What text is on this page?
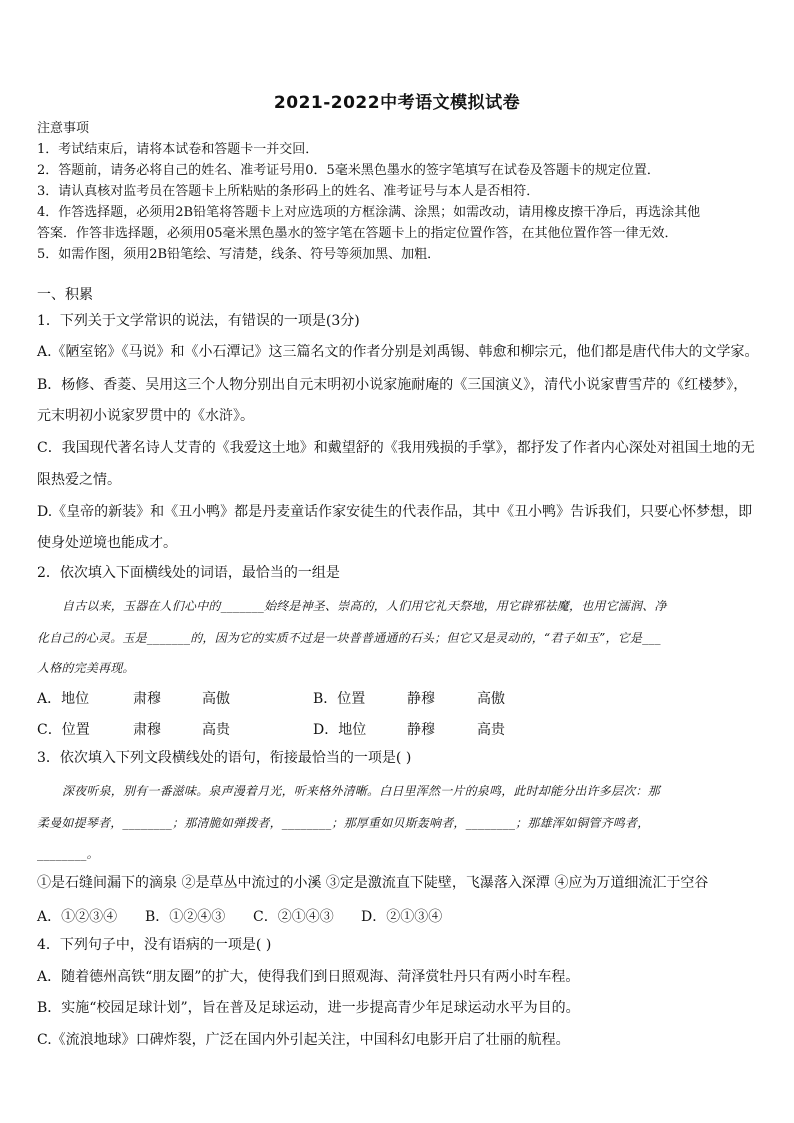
2021-2022中考语文模拟试卷
注意事项
1．考试结束后，请将本试卷和答题卡一并交回．
2．答题前，请务必将自己的姓名、准考证号用0．5毫米黑色墨水的签字笔填写在试卷及答题卡的规定位置．
3．请认真核对监考员在答题卡上所粘贴的条形码上的姓名、准考证号与本人是否相符．
4．作答选择题，必须用2B铅笔将答题卡上对应选项的方框涂满、涂黑；如需改动，请用橡皮擦干净后，再选涂其他
答案．作答非选择题，必须用05毫米黑色墨水的签字笔在答题卡上的指定位置作答，在其他位置作答一律无效．
5．如需作图，须用2B铅笔绘、写清楚，线条、符号等须加黑、加粗．
一、积累
1．下列关于文学常识的说法，有错误的一项是(3分)
A.《陋室铭》《马说》和《小石潭记》这三篇名文的作者分别是刘禹锡、韩愈和柳宗元，他们都是唐代伟大的文学家。
B．杨修、香菱、吴用这三个人物分别出自元末明初小说家施耐庵的《三国演义》，清代小说家曹雪芹的《红楼梦》，
元末明初小说家罗贯中的《水浒》。
C．我国现代著名诗人艾青的《我爱这土地》和戴望舒的《我用残损的手掌》，都抒发了作者内心深处对祖国土地的无
限热爱之情。
D.《皇帝的新装》和《丑小鸭》都是丹麦童话作家安徒生的代表作品，其中《丑小鸭》告诉我们，只要心怀梦想，即
使身处逆境也能成才。
2．依次填入下面横线处的词语，最恰当的一组是
自古以来，玉器在人们心中的_______始终是神圣、崇高的，人们用它礼天祭地，用它辟邪祛魔，也用它濡润、净
化自己的心灵。玉是_______的，因为它的实质不过是一块普普通通的石头；但它又是灵动的，“君子如玉”，它是___
人格的完美再现。
A．地位	肃穆	高傲	B．位置	静穆	高傲
C．位置	肃穆	高贵	D．地位	静穆	高贵
3．依次填入下列文段横线处的语句，衔接最恰当的一项是( )
深夜听泉，别有一番滋味。泉声漫着月光，听来格外清晰。白日里浑然一片的泉鸣，此时却能分出许多层次：那
柔曼如提琴者，________；那清脆如弹拨者，________；那厚重如贝斯轰响者，________；那雄浑如铜管齐鸣者，
________。
①是石缝间漏下的滴泉 ②是草丛中流过的小溪 ③定是激流直下陡壁，飞瀑落入深潭 ④应为万道细流汇于空谷
A．①②③④ B．①②④③ C．②①④③ D．②①③④
4．下列句子中，没有语病的一项是( )
A．随着德州高铁“朋友圈”的扩大，使得我们到日照观海、菏泽赏牡丹只有两小时车程。
B．实施“校园足球计划”，旨在普及足球运动，进一步提高青少年足球运动水平为目的。
C.《流浪地球》口碑炸裂，广泛在国内外引起关注，中国科幻电影开启了壮丽的航程。
